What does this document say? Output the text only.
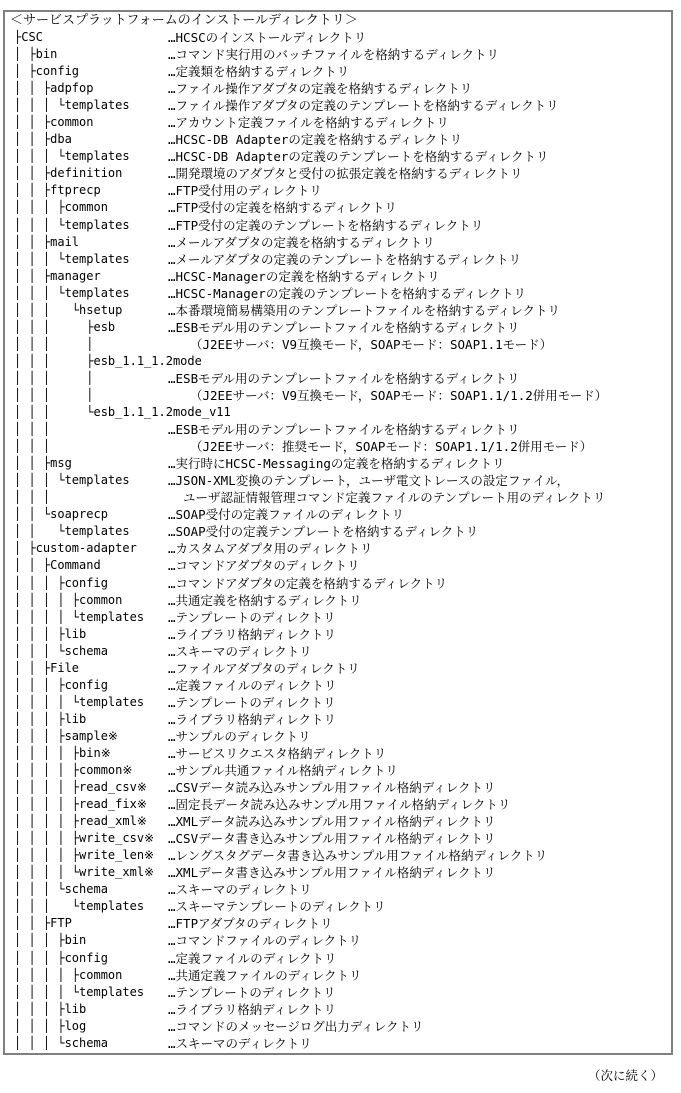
＜サービスプラットフォームのインストールディレクトリ＞
├CSC	…HCSCのインストールディレクトリ
│ ├bin	…コマンド実行用のバッチファイルを格納するディレクトリ
│ ├config	…定義類を格納するディレクトリ
│ │ ├adpfop	…ファイル操作アダプタの定義を格納するディレクトリ
│ │ │ └templates	…ファイル操作アダプタの定義のテンプレートを格納するディレクトリ
│ │ ├common	…アカウント定義ファイルを格納するディレクトリ
│ │ ├dba	…HCSC-DB Adapterの定義を格納するディレクトリ
│ │ │ └templates	…HCSC-DB Adapterの定義のテンプレートを格納するディレクトリ
│ │ ├definition	…開発環境のアダプタと受付の拡張定義を格納するディレクトリ
│ │ ├ftprecp	…FTP受付用のディレクトリ
│ │ │ ├common	…FTP受付の定義を格納するディレクトリ
│ │ │ └templates	…FTP受付の定義のテンプレートを格納するディレクトリ
│ │ ├mail	…メールアダプタの定義を格納するディレクトリ
│ │ │ └templates	…メールアダプタの定義のテンプレートを格納するディレクトリ
│ │ ├manager	…HCSC-Managerの定義を格納するディレクトリ
│ │ │ └templates	…HCSC-Managerの定義のテンプレートを格納するディレクトリ
│ │ │   └hsetup	…本番環境簡易構築用のテンプレートファイルを格納するディレクトリ
│ │ │     ├esb	…ESBモデル用のテンプレートファイルを格納するディレクトリ
│ │ │     │	（J2EEサーバ：V9互換モード，SOAPモード：SOAP1.1モード）
│ │ │     ├esb_1.1_1.2mode
│ │ │     │	…ESBモデル用のテンプレートファイルを格納するディレクトリ
│ │ │     │	（J2EEサーバ：V9互換モード，SOAPモード：SOAP1.1/1.2併用モード）
│ │ │     └esb_1.1_1.2mode_v11
│ │ │	…ESBモデル用のテンプレートファイルを格納するディレクトリ
│ │ │	（J2EEサーバ：推奨モード，SOAPモード：SOAP1.1/1.2併用モード）
│ │ ├msg	…実行時にHCSC-Messagingの定義を格納するディレクトリ
│ │ │ └templates	…JSON-XML変換のテンプレート，ユーザ電文トレースの設定ファイル，
│ │ │	ユーザ認証情報管理コマンド定義ファイルのテンプレート用のディレクトリ
│ │ └soaprecp	…SOAP受付の定義ファイルのディレクトリ
│ │   └templates	…SOAP受付の定義テンプレートを格納するディレクトリ
│ ├custom-adapter …カスタムアダプタ用のディレクトリ
│ │ ├Command	…コマンドアダプタのディレクトリ
│ │ │ ├config	…コマンドアダプタの定義を格納するディレクトリ
│ │ │ │ ├common	…共通定義を格納するディレクトリ
│ │ │ │ └templates …テンプレートのディレクトリ
│ │ │ ├lib	…ライブラリ格納ディレクトリ
│ │ │ └schema	…スキーマのディレクトリ
│ │ ├File	…ファイルアダプタのディレクトリ
│ │ │ ├config	…定義ファイルのディレクトリ
│ │ │ │ └templates …テンプレートのディレクトリ
│ │ │ ├lib	…ライブラリ格納ディレクトリ
│ │ │ ├sample※	…サンプルのディレクトリ
│ │ │ │ ├bin※	…サービスリクエスタ格納ディレクトリ
│ │ │ │ ├common※	…サンプル共通ファイル格納ディレクトリ
│ │ │ │ ├read_csv※ …CSVデータ読み込みサンプル用ファイル格納ディレクトリ
│ │ │ │ ├read_fix※ …固定長データ読み込みサンプル用ファイル格納ディレクトリ
│ │ │ │ ├read_xml※ …XMLデータ読み込みサンプル用ファイル格納ディレクトリ
│ │ │ │ ├write_csv※ …CSVデータ書き込みサンプル用ファイル格納ディレクトリ
│ │ │ │ ├write_len※ …レングスタグデータ書き込みサンプル用ファイル格納ディレクトリ
│ │ │ │ └write_xml※ …XMLデータ書き込みサンプル用ファイル格納ディレクトリ
│ │ │ └schema	…スキーマのディレクトリ
│ │ │   └templates …スキーマテンプレートのディレクトリ
│ │ ├FTP	…FTPアダプタのディレクトリ
│ │ │ ├bin	…コマンドファイルのディレクトリ
│ │ │ ├config	…定義ファイルのディレクトリ
│ │ │ │ ├common	…共通定義ファイルのディレクトリ
│ │ │ │ └templates …テンプレートのディレクトリ
│ │ │ ├lib	…ライブラリ格納ディレクトリ
│ │ │ ├log	…コマンドのメッセージログ出力ディレクトリ
│ │ │ └schema	…スキーマのディレクトリ
（次に続く）
